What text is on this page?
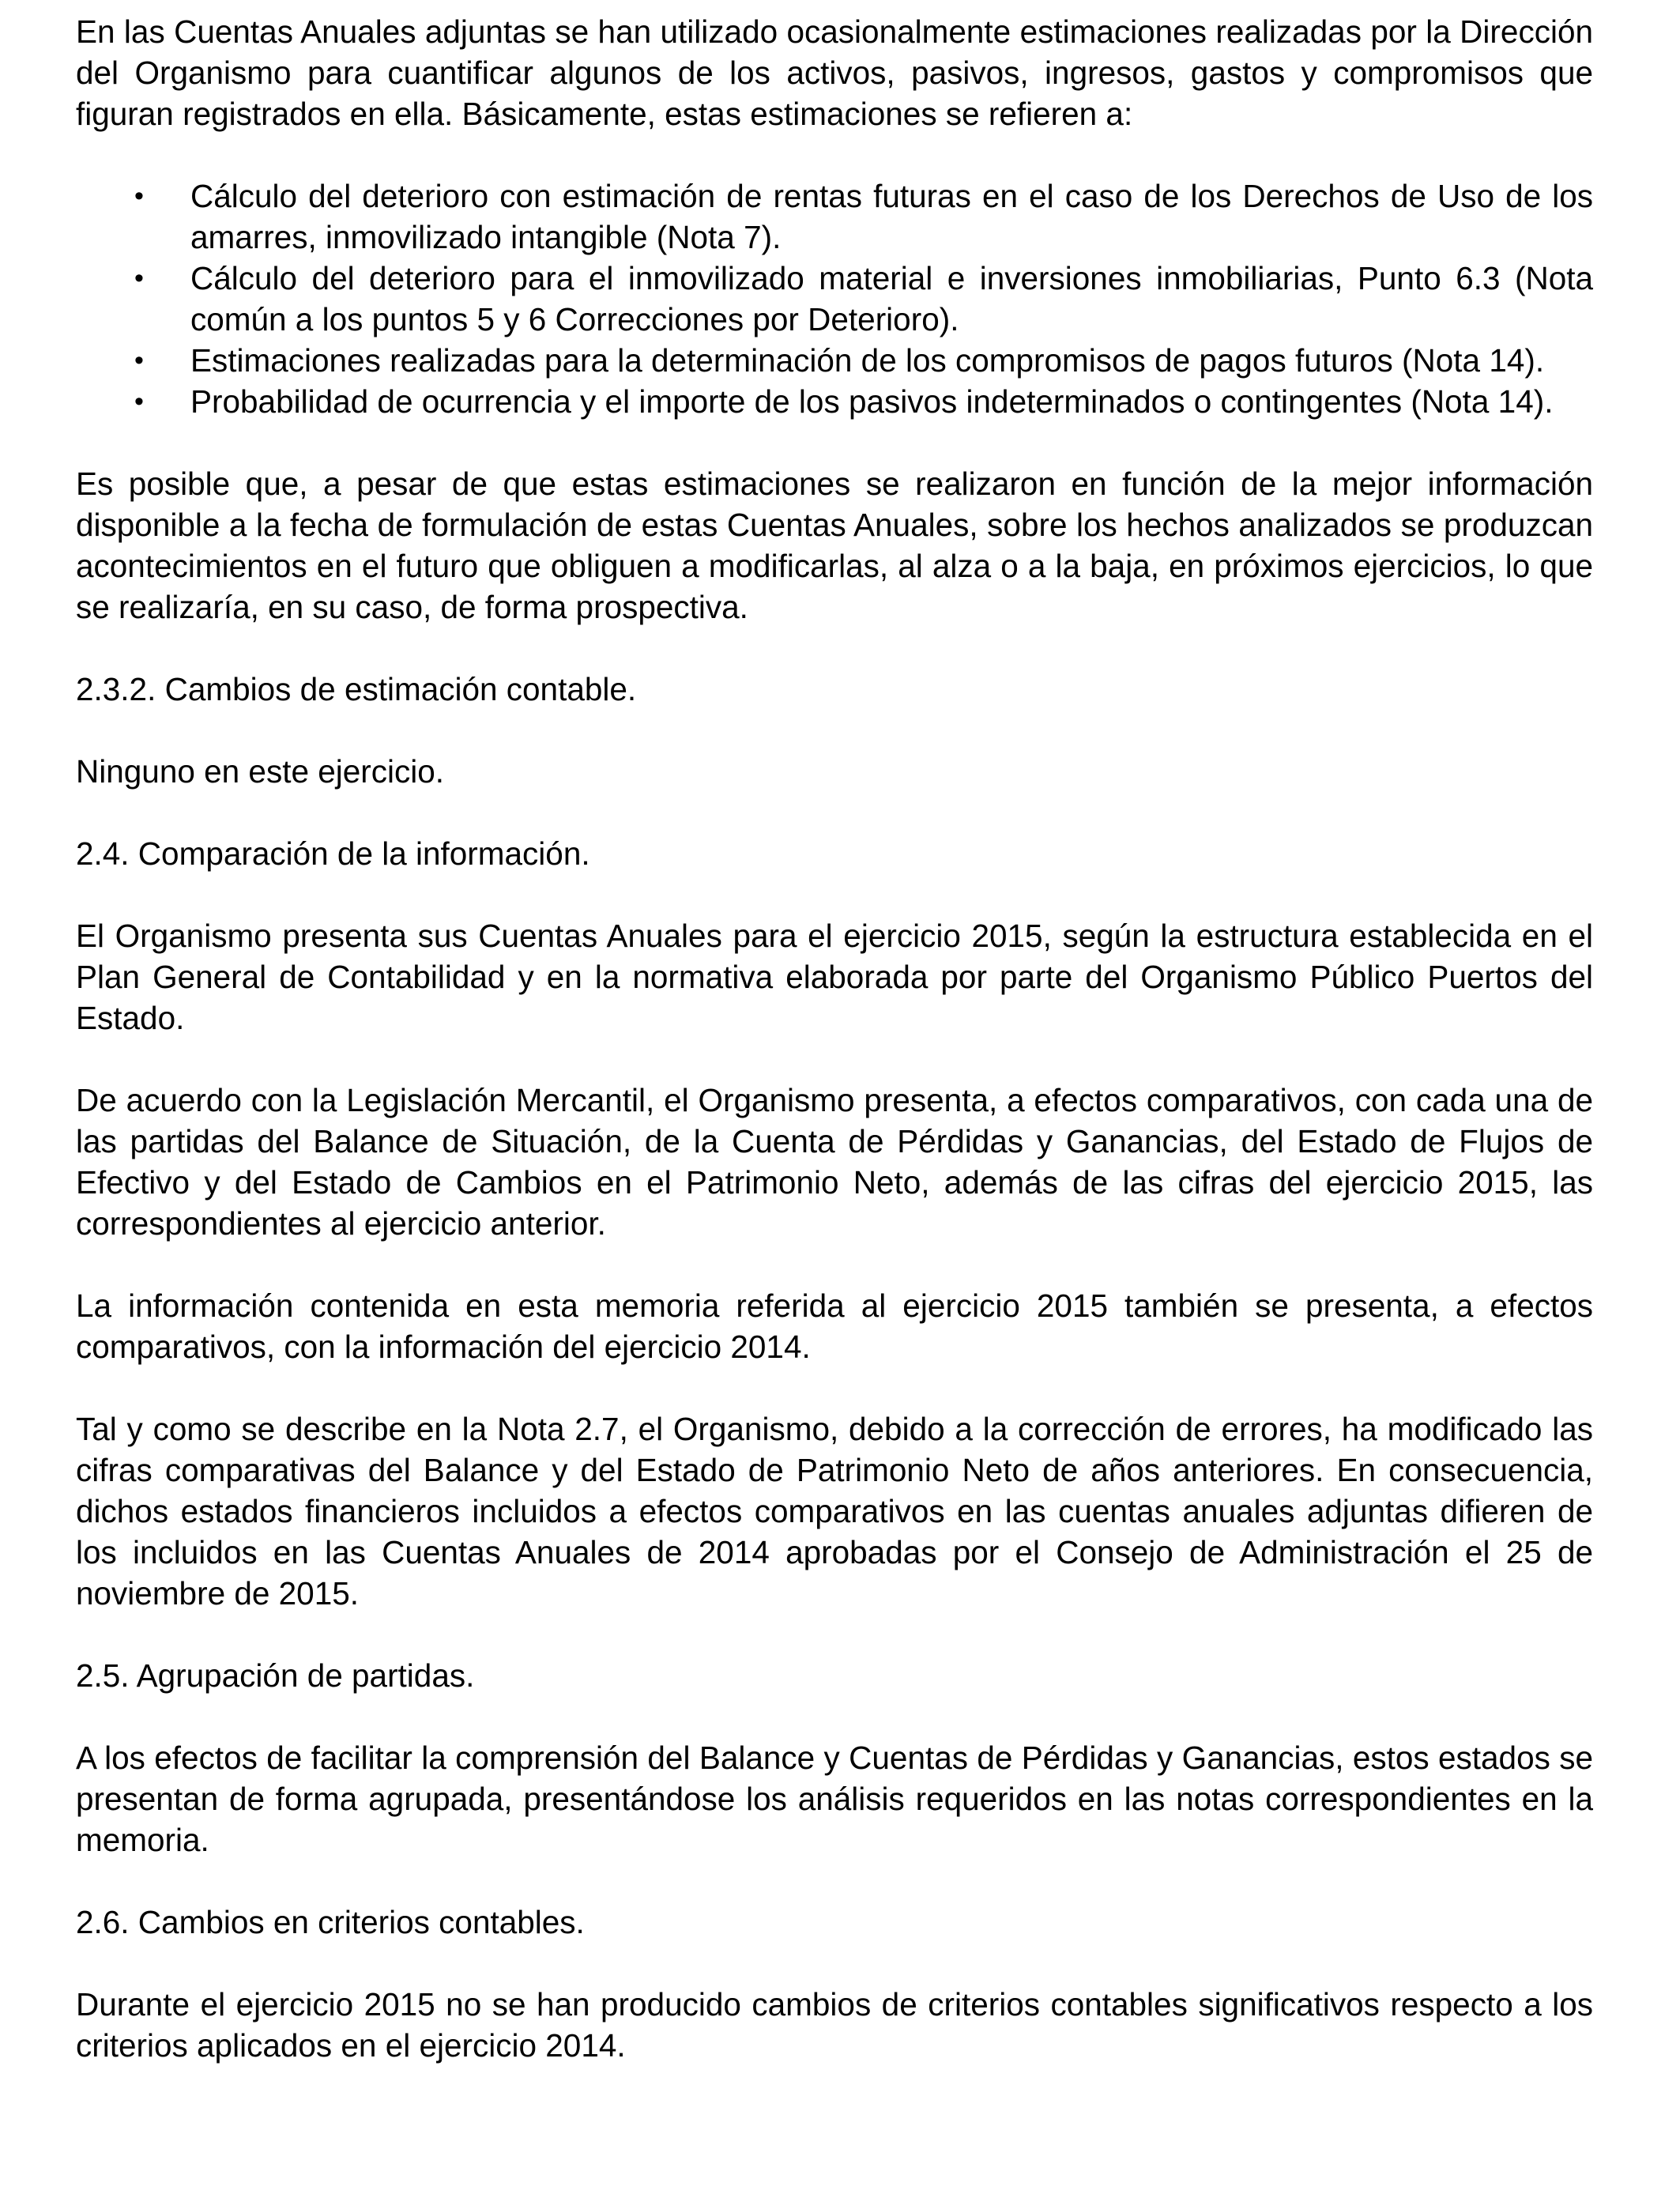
En las Cuentas Anuales adjuntas se han utilizado ocasionalmente estimaciones realizadas por la Dirección del Organismo para cuantificar algunos de los activos, pasivos, ingresos, gastos y compromisos que figuran registrados en ella. Básicamente, estas estimaciones se refieren a:

• Cálculo del deterioro con estimación de rentas futuras en el caso de los Derechos de Uso de los amarres, inmovilizado intangible (Nota 7).
• Cálculo del deterioro para el inmovilizado material e inversiones inmobiliarias, Punto 6.3 (Nota común a los puntos 5 y 6 Correcciones por Deterioro).
• Estimaciones realizadas para la determinación de los compromisos de pagos futuros (Nota 14).
• Probabilidad de ocurrencia y el importe de los pasivos indeterminados o contingentes (Nota 14).

Es posible que, a pesar de que estas estimaciones se realizaron en función de la mejor información disponible a la fecha de formulación de estas Cuentas Anuales, sobre los hechos analizados se produzcan acontecimientos en el futuro que obliguen a modificarlas, al alza o a la baja, en próximos ejercicios, lo que se realizaría, en su caso, de forma prospectiva.

2.3.2. Cambios de estimación contable.

Ninguno en este ejercicio.

2.4. Comparación de la información.

El Organismo presenta sus Cuentas Anuales para el ejercicio 2015, según la estructura establecida en el Plan General de Contabilidad y en la normativa elaborada por parte del Organismo Público Puertos del Estado.

De acuerdo con la Legislación Mercantil, el Organismo presenta, a efectos comparativos, con cada una de las partidas del Balance de Situación, de la Cuenta de Pérdidas y Ganancias, del Estado de Flujos de Efectivo y del Estado de Cambios en el Patrimonio Neto, además de las cifras del ejercicio 2015, las correspondientes al ejercicio anterior.

La información contenida en esta memoria referida al ejercicio 2015 también se presenta, a efectos comparativos, con la información del ejercicio 2014.

Tal y como se describe en la Nota 2.7, el Organismo, debido a la corrección de errores, ha modificado las cifras comparativas del Balance y del Estado de Patrimonio Neto de años anteriores. En consecuencia, dichos estados financieros incluidos a efectos comparativos en las cuentas anuales adjuntas difieren de los incluidos en las Cuentas Anuales de 2014 aprobadas por el Consejo de Administración el 25 de noviembre de 2015.

2.5. Agrupación de partidas.

A los efectos de facilitar la comprensión del Balance y Cuentas de Pérdidas y Ganancias, estos estados se presentan de forma agrupada, presentándose los análisis requeridos en las notas correspondientes en la memoria.

2.6. Cambios en criterios contables.

Durante el ejercicio 2015 no se han producido cambios de criterios contables significativos respecto a los criterios aplicados en el ejercicio 2014.
